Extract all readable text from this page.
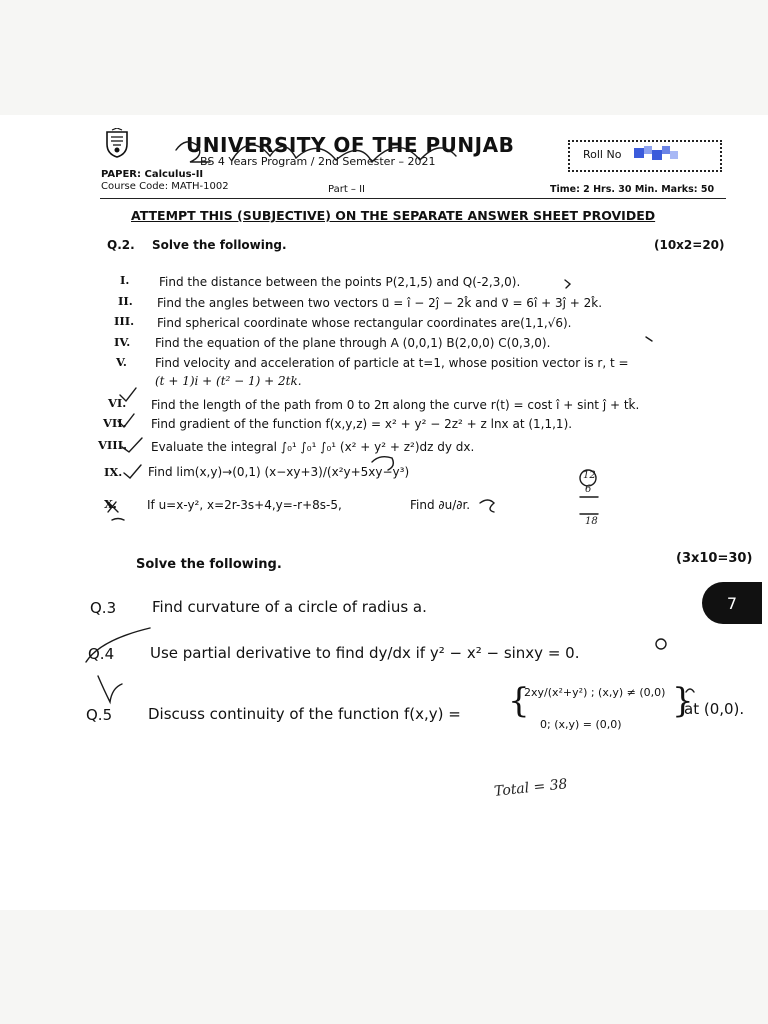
UNIVERSITY OF THE PUNJAB
BS 4 Years Program / 2nd Semester – 2021
PAPER: Calculus-II
Course Code: MATH-1002	Part – II	Time: 2 Hrs. 30 Min. Marks: 50
Roll No
ATTEMPT THIS (SUBJECTIVE) ON THE SEPARATE ANSWER SHEET PROVIDED
Q.2. Solve the following.	(10x2=20)
I. Find the distance between the points P(2,1,5) and Q(-2,3,0).
II. Find the angles between two vectors u⃗ = î − 2ĵ − 2k̂ and v⃗ = 6î + 3ĵ + 2k̂.
III. Find spherical coordinate whose rectangular coordinates are(1,1,√6).
IV. Find the equation of the plane through A (0,0,1) B(2,0,0) C(0,3,0).
V. Find velocity and acceleration of particle at t=1, whose position vector is r, t =
(t + 1)i + (t² − 1) + 2tk.
VI. Find the length of the path from 0 to 2π along the curve r(t) = cost î + sint ĵ + tk̂.
VII. Find gradient of the function f(x,y,z) = x² + y² − 2z² + z lnx at (1,1,1).
VIII. Evaluate the integral ∫₀¹ ∫₀¹ ∫₀¹ (x² + y² + z²)dz dy dx.
IX. Find lim(x,y)→(0,1) (x−xy+3)/(x²y+5xy−y³)
X.	If u=x-y², x=2r-3s+4,y=-r+8s-5,	Find ∂u/∂r.
Solve the following.	(3x10=30)
7
Q.3 Find curvature of a circle of radius a.
Q.4 Use partial derivative to find dy/dx if y² − x² − sinxy = 0.
Q.5 Discuss continuity of the function f(x,y) = {
2xy/(x²+y²) ; (x,y) ≠ (0,0)
0; (x,y) = (0,0)
}
at (0,0).
Total = 38
12
6
18
